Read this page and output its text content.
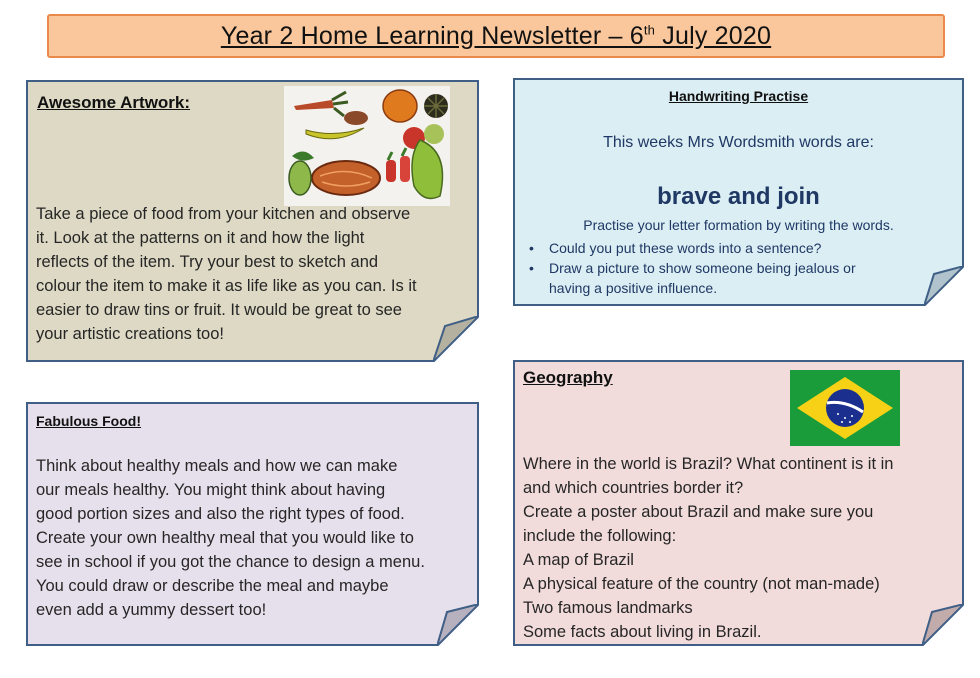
Year 2 Home Learning Newsletter – 6th July 2020
Awesome Artwork:
Take a piece of food from your kitchen and observe
it. Look at the patterns on it and how the light
reflects of the item. Try your best to sketch and
colour the item to make it as life like as you can. Is it
easier to draw tins or fruit. It would be great to see
your artistic creations too!
Handwriting Practise
This weeks Mrs Wordsmith words are:
brave and join
Practise your letter formation by writing the words.
• Could you put these words into a sentence?
• Draw a picture to show someone being jealous or
having a positive influence.
Fabulous Food!
Think about healthy meals and how we can make
our meals healthy. You might think about having
good portion sizes and also the right types of food.
Create your own healthy meal that you would like to
see in school if you got the chance to design a menu.
You could draw or describe the meal and maybe
even add a yummy dessert too!
Geography
Where in the world is Brazil? What continent is it in
and which countries border it?
Create a poster about Brazil and make sure you
include the following:
A map of Brazil
A physical feature of the country (not man-made)
Two famous landmarks
Some facts about living in Brazil.
